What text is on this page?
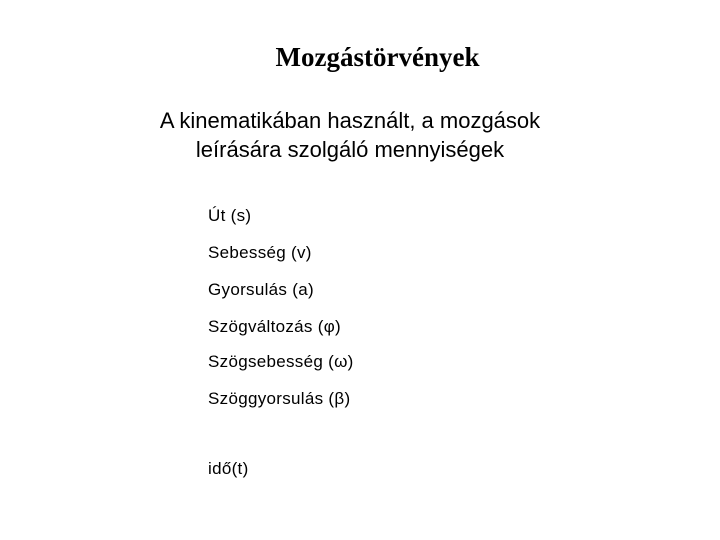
Mozgástörvények
A kinematikában használt, a mozgások
leírására szolgáló mennyiségek
Út (s)
Sebesség (v)
Gyorsulás (a)
Szögváltozás (φ)
Szögsebesség (ω)
Szöggyorsulás (β)
idő(t)
